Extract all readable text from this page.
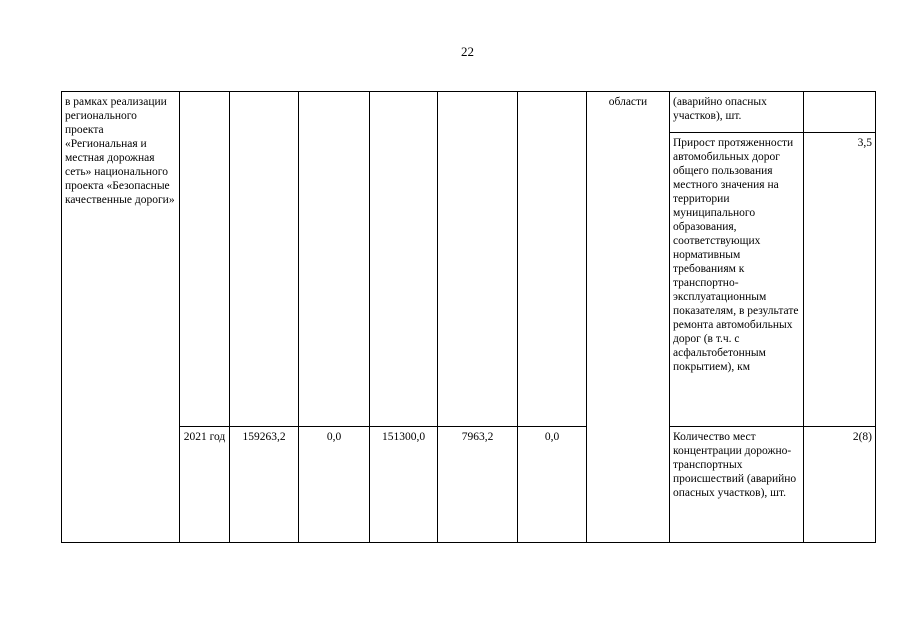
22
в рамках реализации регионального проекта «Региональная и местная дорожная сеть» национального проекта «Безопасные качественные дороги»							области	(аварийно опасных участков), шт.	
								Прирост протяженности автомобильных дорог общего пользования местного значения на территории муниципального образования, соответствующих нормативным требованиям к транспортно-эксплуатационным показателям, в результате ремонта автомобильных дорог (в т.ч. с асфальтобетонным покрытием), км	3,5
	2021 год	159263,2	0,0	151300,0	7963,2	0,0		Количество мест концентрации дорожно-транспортных происшествий (аварийно опасных участков), шт.	2(8)
